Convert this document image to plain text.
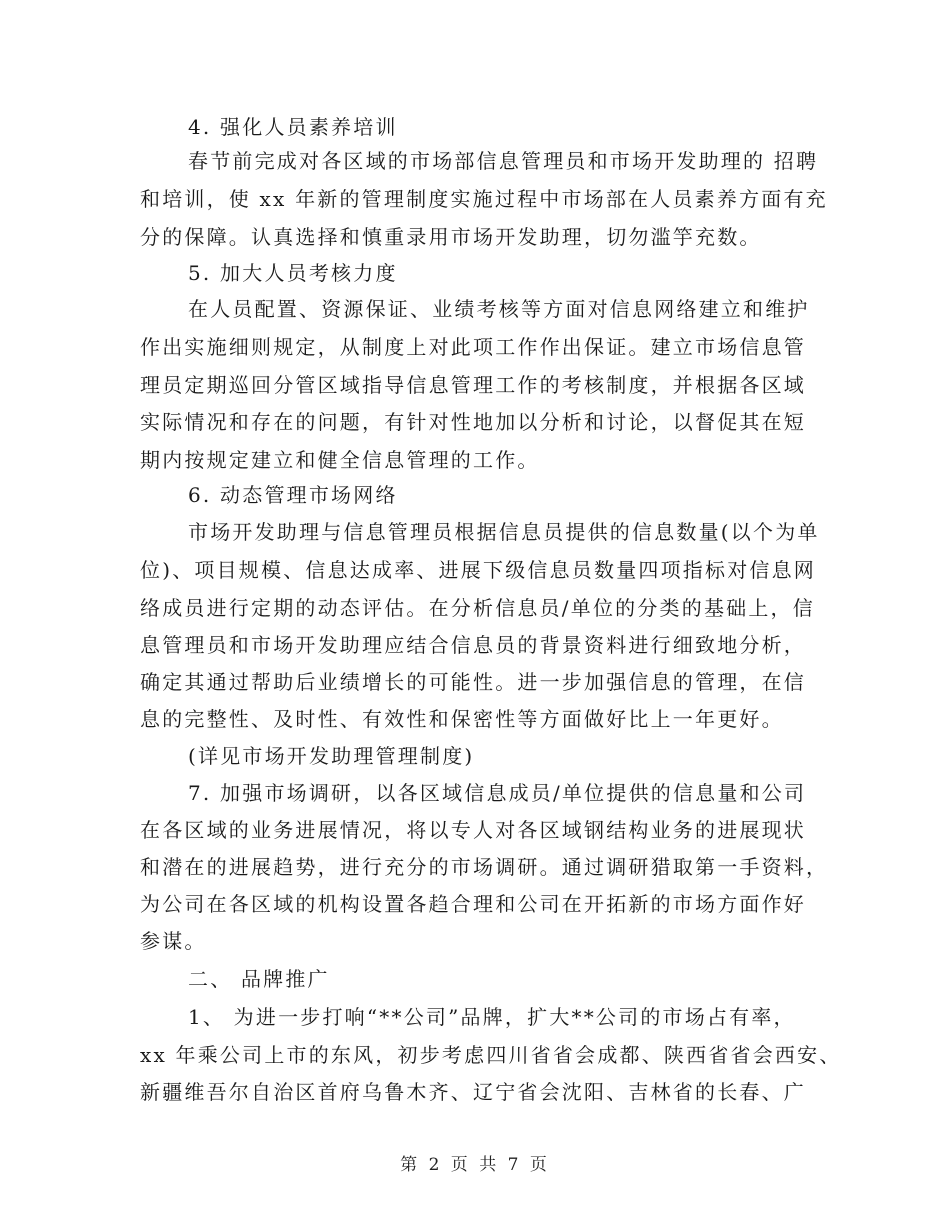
4. 强化人员素养培训
春节前完成对各区域的市场部信息管理员和市场开发助理的 招聘
和培训，使 xx 年新的管理制度实施过程中市场部在人员素养方面有充
分的保障。认真选择和慎重录用市场开发助理，切勿滥竽充数。
5. 加大人员考核力度
在人员配置、资源保证、业绩考核等方面对信息网络建立和维护
作出实施细则规定，从制度上对此项工作作出保证。建立市场信息管
理员定期巡回分管区域指导信息管理工作的考核制度，并根据各区域
实际情况和存在的问题，有针对性地加以分析和讨论，以督促其在短
期内按规定建立和健全信息管理的工作。
6. 动态管理市场网络
市场开发助理与信息管理员根据信息员提供的信息数量(以个为单
位)、项目规模、信息达成率、进展下级信息员数量四项指标对信息网
络成员进行定期的动态评估。在分析信息员/单位的分类的基础上，信
息管理员和市场开发助理应结合信息员的背景资料进行细致地分析，
确定其通过帮助后业绩增长的可能性。进一步加强信息的管理，在信
息的完整性、及时性、有效性和保密性等方面做好比上一年更好。
(详见市场开发助理管理制度)
7. 加强市场调研，以各区域信息成员/单位提供的信息量和公司
在各区域的业务进展情况，将以专人对各区域钢结构业务的进展现状
和潜在的进展趋势，进行充分的市场调研。通过调研猎取第一手资料，
为公司在各区域的机构设置各趋合理和公司在开拓新的市场方面作好
参谋。
二、 品牌推广
1、 为进一步打响“**公司”品牌，扩大**公司的市场占有率，
xx 年乘公司上市的东风，初步考虑四川省省会成都、陕西省省会西安、
新疆维吾尔自治区首府乌鲁木齐、辽宁省会沈阳、吉林省的长春、广
第 2 页 共 7 页
